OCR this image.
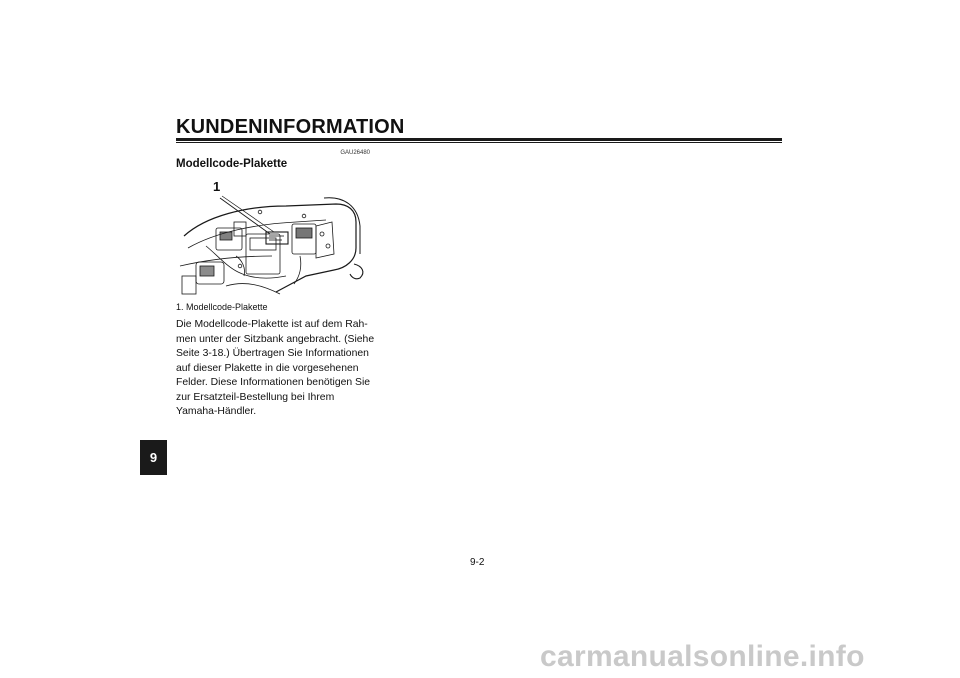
KUNDENINFORMATION
9
GAU26480
Modellcode-Plakette
1
1. Modellcode-Plakette

Die Modellcode-Plakette ist auf dem Rah-
men unter der Sitzbank angebracht. (Siehe
Seite 3-18.) Übertragen Sie Informationen
auf dieser Plakette in die vorgesehenen
Felder. Diese Informationen benötigen Sie
zur Ersatzteil-Bestellung bei Ihrem
Yamaha-Händler.

9-2
carmanualsonline.info
